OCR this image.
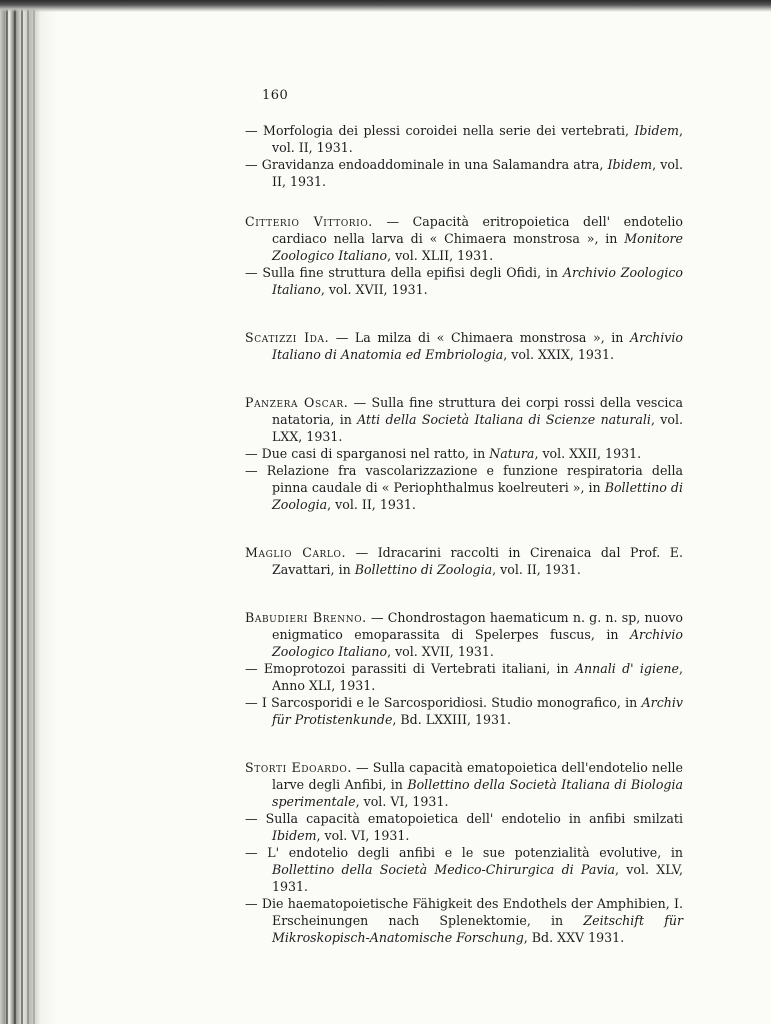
160

— Morfologia dei plessi coroidei nella serie dei vertebrati, Ibidem, vol. II, 1931.

— Gravidanza endoaddominale in una Salamandra atra, Ibidem, vol. II, 1931.

Citterio Vittorio. — Capacità eritropoietica dell' endotelio cardiaco nella larva di « Chimaera monstrosa », in Monitore Zoologico Italiano, vol. XLII, 1931.

— Sulla fine struttura della epifisi degli Ofidi, in Archivio Zoologico Italiano, vol. XVII, 1931.

Scatizzi Ida. — La milza di « Chimaera monstrosa », in Archivio Italiano di Anatomia ed Embriologia, vol. XXIX, 1931.

Panzera Oscar. — Sulla fine struttura dei corpi rossi della vescica natatoria, in Atti della Società Italiana di Scienze naturali, vol. LXX, 1931.

— Due casi di sparganosi nel ratto, in Natura, vol. XXII, 1931.

— Relazione fra vascolarizzazione e funzione respiratoria della pinna caudale di « Periophthalmus koelreuteri », in Bollettino di Zoologia, vol. II, 1931.

Maglio Carlo. — Idracarini raccolti in Cirenaica dal Prof. E. Zavattari, in Bollettino di Zoologia, vol. II, 1931.

Babudieri Brenno. — Chondrostagon haematicum n. g. n. sp, nuovo enigmatico emoparassita di Spelerpes fuscus, in Archivio Zoologico Italiano, vol. XVII, 1931.

— Emoprotozoi parassiti di Vertebrati italiani, in Annali d' igiene, Anno XLI, 1931.

— I Sarcosporidi e le Sarcosporidiosi. Studio monografico, in Archiv für Protistenkunde, Bd. LXXIII, 1931.

Storti Edoardo. — Sulla capacità ematopoietica dell'endotelio nelle larve degli Anfibi, in Bollettino della Società Italiana di Biologia sperimentale, vol. VI, 1931.

— Sulla capacità ematopoietica dell' endotelio in anfibi smilzati Ibidem, vol. VI, 1931.

— L' endotelio degli anfibi e le sue potenzialità evolutive, in Bollettino della Società Medico-Chirurgica di Pavia, vol. XLV, 1931.

— Die haematopoietische Fähigkeit des Endothels der Amphibien, I. Erscheinungen nach Splenektomie, in Zeitschift für Mikroskopisch-Anatomische Forschung, Bd. XXV 1931.
